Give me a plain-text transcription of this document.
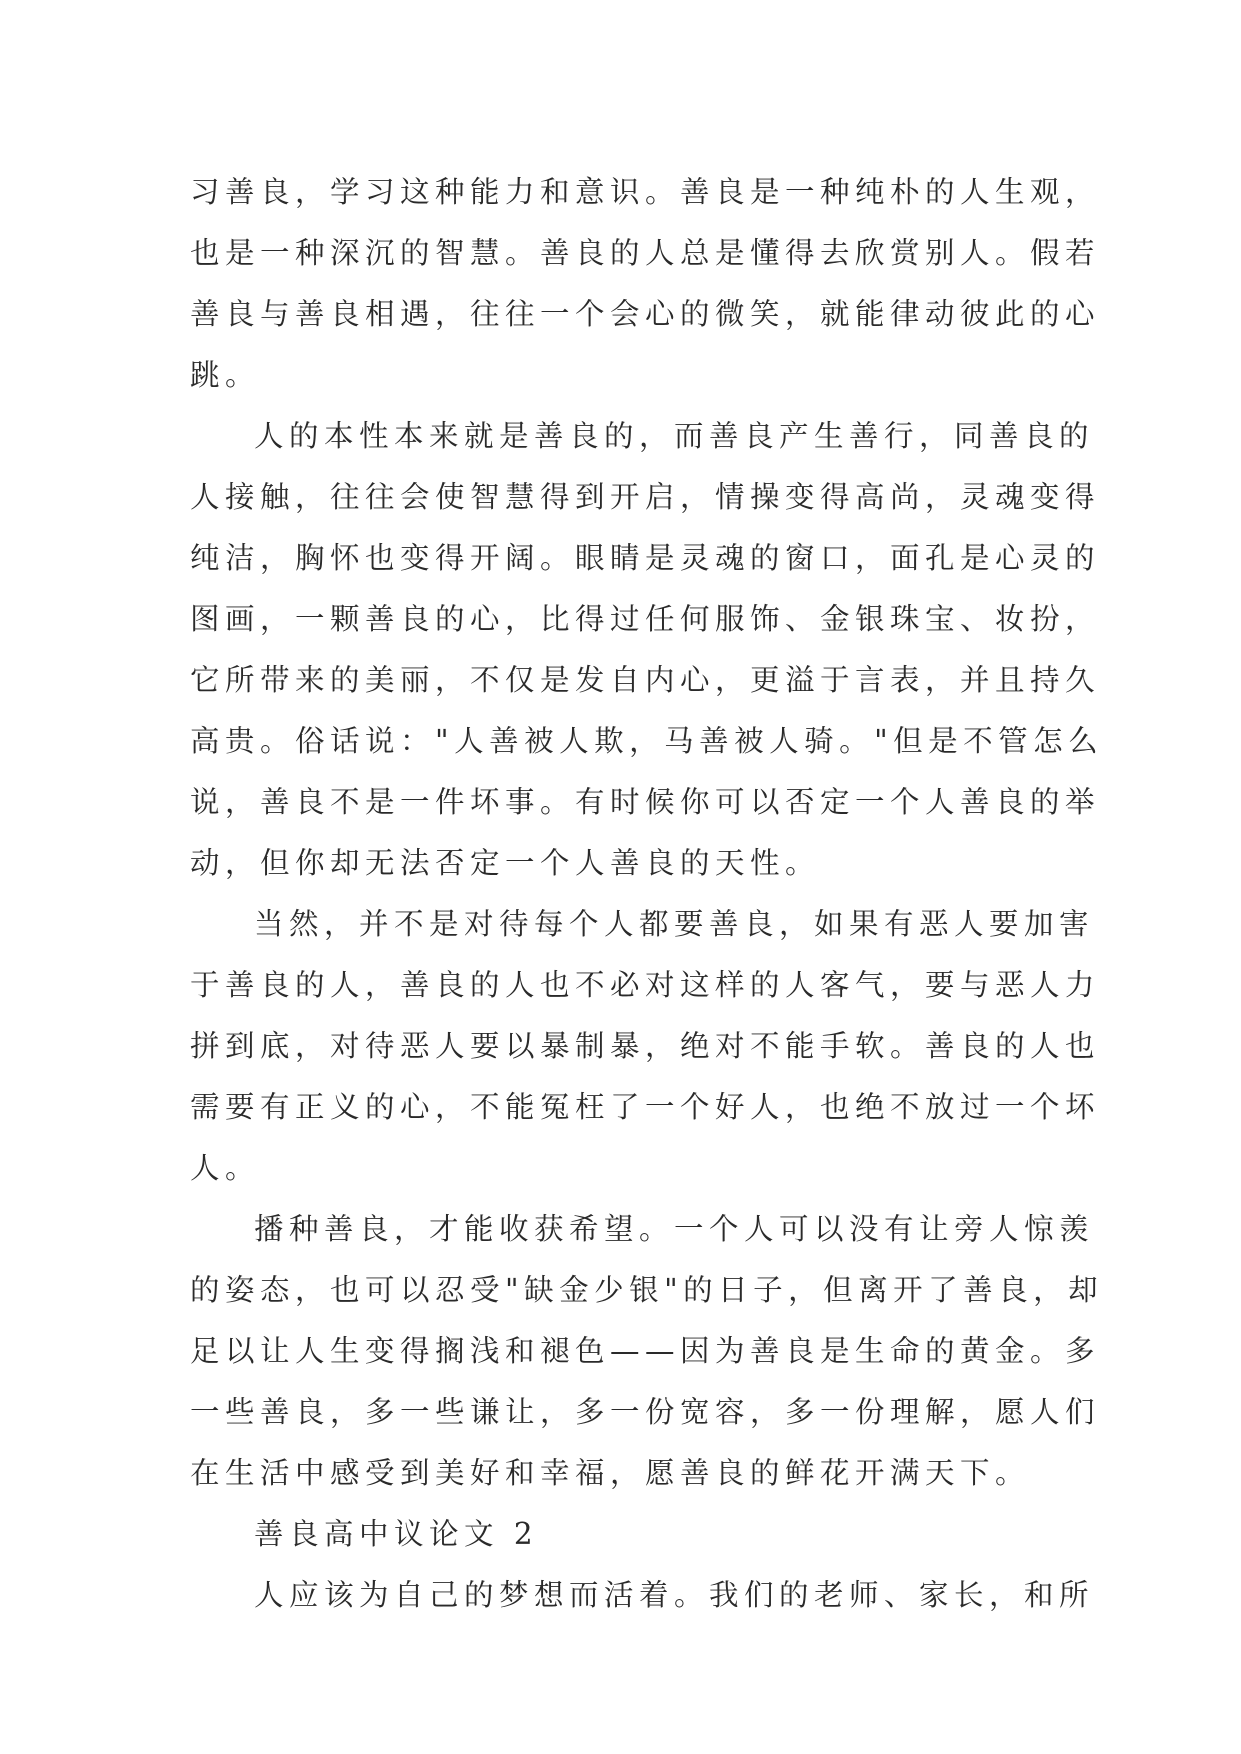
习善良，学习这种能力和意识。善良是一种纯朴的人生观，
也是一种深沉的智慧。善良的人总是懂得去欣赏别人。假若
善良与善良相遇，往往一个会心的微笑，就能律动彼此的心
跳。
人的本性本来就是善良的，而善良产生善行，同善良的
人接触，往往会使智慧得到开启，情操变得高尚，灵魂变得
纯洁，胸怀也变得开阔。眼睛是灵魂的窗口，面孔是心灵的
图画，一颗善良的心，比得过任何服饰、金银珠宝、妆扮，
它所带来的美丽，不仅是发自内心，更溢于言表，并且持久
高贵。俗话说："人善被人欺，马善被人骑。"但是不管怎么
说，善良不是一件坏事。有时候你可以否定一个人善良的举
动，但你却无法否定一个人善良的天性。
当然，并不是对待每个人都要善良，如果有恶人要加害
于善良的人，善良的人也不必对这样的人客气，要与恶人力
拼到底，对待恶人要以暴制暴，绝对不能手软。善良的人也
需要有正义的心，不能冤枉了一个好人，也绝不放过一个坏
人。
播种善良，才能收获希望。一个人可以没有让旁人惊羡
的姿态，也可以忍受"缺金少银"的日子，但离开了善良，却
足以让人生变得搁浅和褪色——因为善良是生命的黄金。多
一些善良，多一些谦让，多一份宽容，多一份理解，愿人们
在生活中感受到美好和幸福，愿善良的鲜花开满天下。
善良高中议论文 2
人应该为自己的梦想而活着。我们的老师、家长，和所
